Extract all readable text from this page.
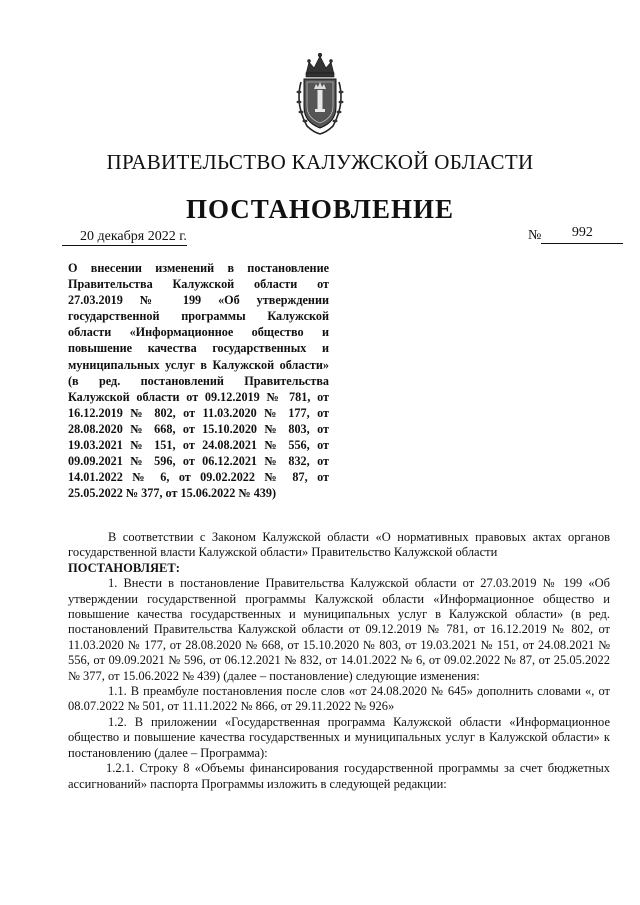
ПРАВИТЕЛЬСТВО КАЛУЖСКОЙ ОБЛАСТИ
ПОСТАНОВЛЕНИЕ
20 декабря 2022 г.	№ 992

О внесении изменений в постановление Правительства Калужской области от 27.03.2019 № 199 «Об утверждении государственной программы Калужской области «Информационное общество и повышение качества государственных и муниципальных услуг в Калужской области» (в ред. постановлений Правительства Калужской области от 09.12.2019 № 781, от 16.12.2019 № 802, от 11.03.2020 № 177, от 28.08.2020 № 668, от 15.10.2020 № 803, от 19.03.2021 № 151, от 24.08.2021 № 556, от 09.09.2021 № 596, от 06.12.2021 № 832, от 14.01.2022 № 6, от 09.02.2022 № 87, от 25.05.2022 № 377, от 15.06.2022 № 439)

В соответствии с Законом Калужской области «О нормативных правовых актах органов государственной власти Калужской области» Правительство Калужской области

ПОСТАНОВЛЯЕТ:

1. Внести в постановление Правительства Калужской области от 27.03.2019 № 199 «Об утверждении государственной программы Калужской области «Информационное общество и повышение качества государственных и муниципальных услуг в Калужской области» (в ред. постановлений Правительства Калужской области от 09.12.2019 № 781, от 16.12.2019 № 802, от 11.03.2020 № 177, от 28.08.2020 № 668, от 15.10.2020 № 803, от 19.03.2021 № 151, от 24.08.2021 № 556, от 09.09.2021 № 596, от 06.12.2021 № 832, от 14.01.2022 № 6, от 09.02.2022 № 87, от 25.05.2022 № 377, от 15.06.2022 № 439) (далее – постановление) следующие изменения:

1.1. В преамбуле постановления после слов «от 24.08.2020 № 645» дополнить словами «, от 08.07.2022 № 501, от 11.11.2022 № 866, от 29.11.2022 № 926»

1.2. В приложении «Государственная программа Калужской области «Информационное общество и повышение качества государственных и муниципальных услуг в Калужской области» к постановлению (далее – Программа):

1.2.1. Строку 8 «Объемы финансирования государственной программы за счет бюджетных ассигнований» паспорта Программы изложить в следующей редакции:
